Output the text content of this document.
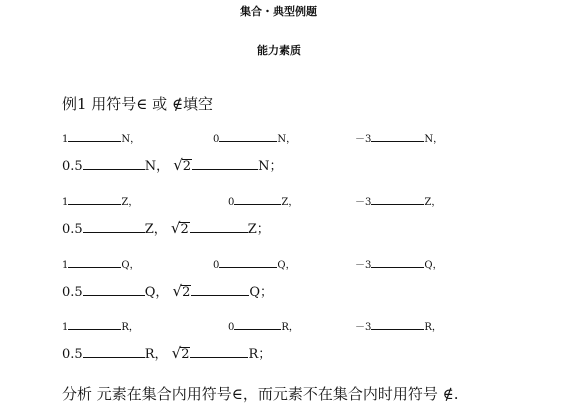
集合・典型例题
能力素质
例1 用符号∈ 或 ∉填空
1	N，	0	N，	－3	N，
0.5	N， √2	N；
1	Z，	0	Z，	－3	Z，
0.5	Z， √2	Z；
1	Q，	0	Q，	－3	Q，
0.5	Q， √2	Q；
1	R，	0	R，	－3	R，
0.5	R， √2	R；
分析 元素在集合内用符号∈，而元素不在集合内时用符号 ∉.
